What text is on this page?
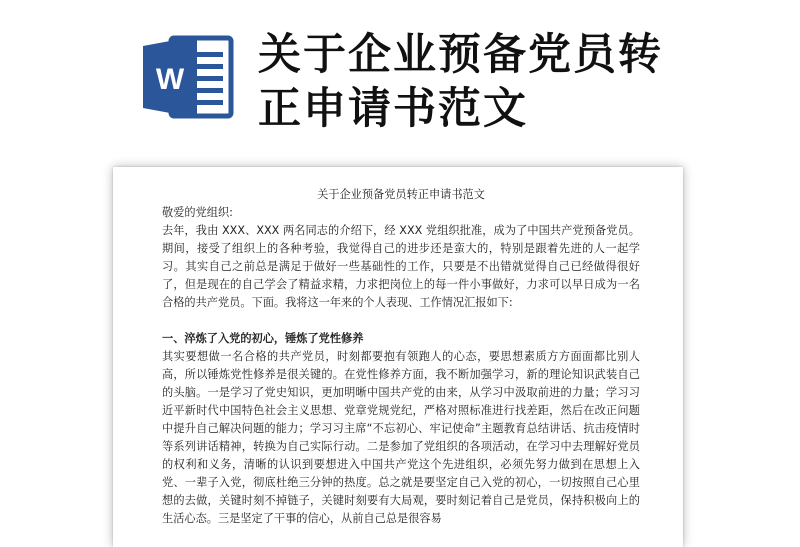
W 关于企业预备党员转
正申请书范文
关于企业预备党员转正申请书范文

敬爱的党组织:

去年，我由 XXX、XXX 两名同志的介绍下，经 XXX 党组织批准，成为了中国共产党预备党员。期间，接受了组织上的各种考验，我觉得自己的进步还是蛮大的，特别是跟着先进的人一起学习。其实自己之前总是满足于做好一些基础性的工作，只要是不出错就觉得自己已经做得很好了，但是现在的自己学会了精益求精，力求把岗位上的每一件小事做好，力求可以早日成为一名合格的共产党员。下面。我将这一年来的个人表现、工作情况汇报如下:

一、淬炼了入党的初心，锤炼了党性修养

其实要想做一名合格的共产党员，时刻都要抱有领跑人的心态，要思想素质方方面面都比别人高，所以锤炼党性修养是很关键的。在党性修养方面，我不断加强学习，新的理论知识武装自己的头脑。一是学习了党史知识，更加明晰中国共产党的由来，从学习中汲取前进的力量；学习习近平新时代中国特色社会主义思想、党章党规党纪，严格对照标准进行找差距，然后在改正问题中提升自己解决问题的能力；学习习主席“不忘初心、牢记使命”主题教育总结讲话、抗击疫情时等系列讲话精神，转换为自己实际行动。二是参加了党组织的各项活动，在学习中去理解好党员的权利和义务，清晰的认识到要想进入中国共产党这个先进组织，必须先努力做到在思想上入党、一辈子入党，彻底杜绝三分钟的热度。总之就是要坚定自己入党的初心，一切按照自己心里想的去做，关键时刻不掉链子，关键时刻要有大局观，要时刻记着自己是党员，保持积极向上的生活心态。三是坚定了干事的信心，从前自己总是很容易
